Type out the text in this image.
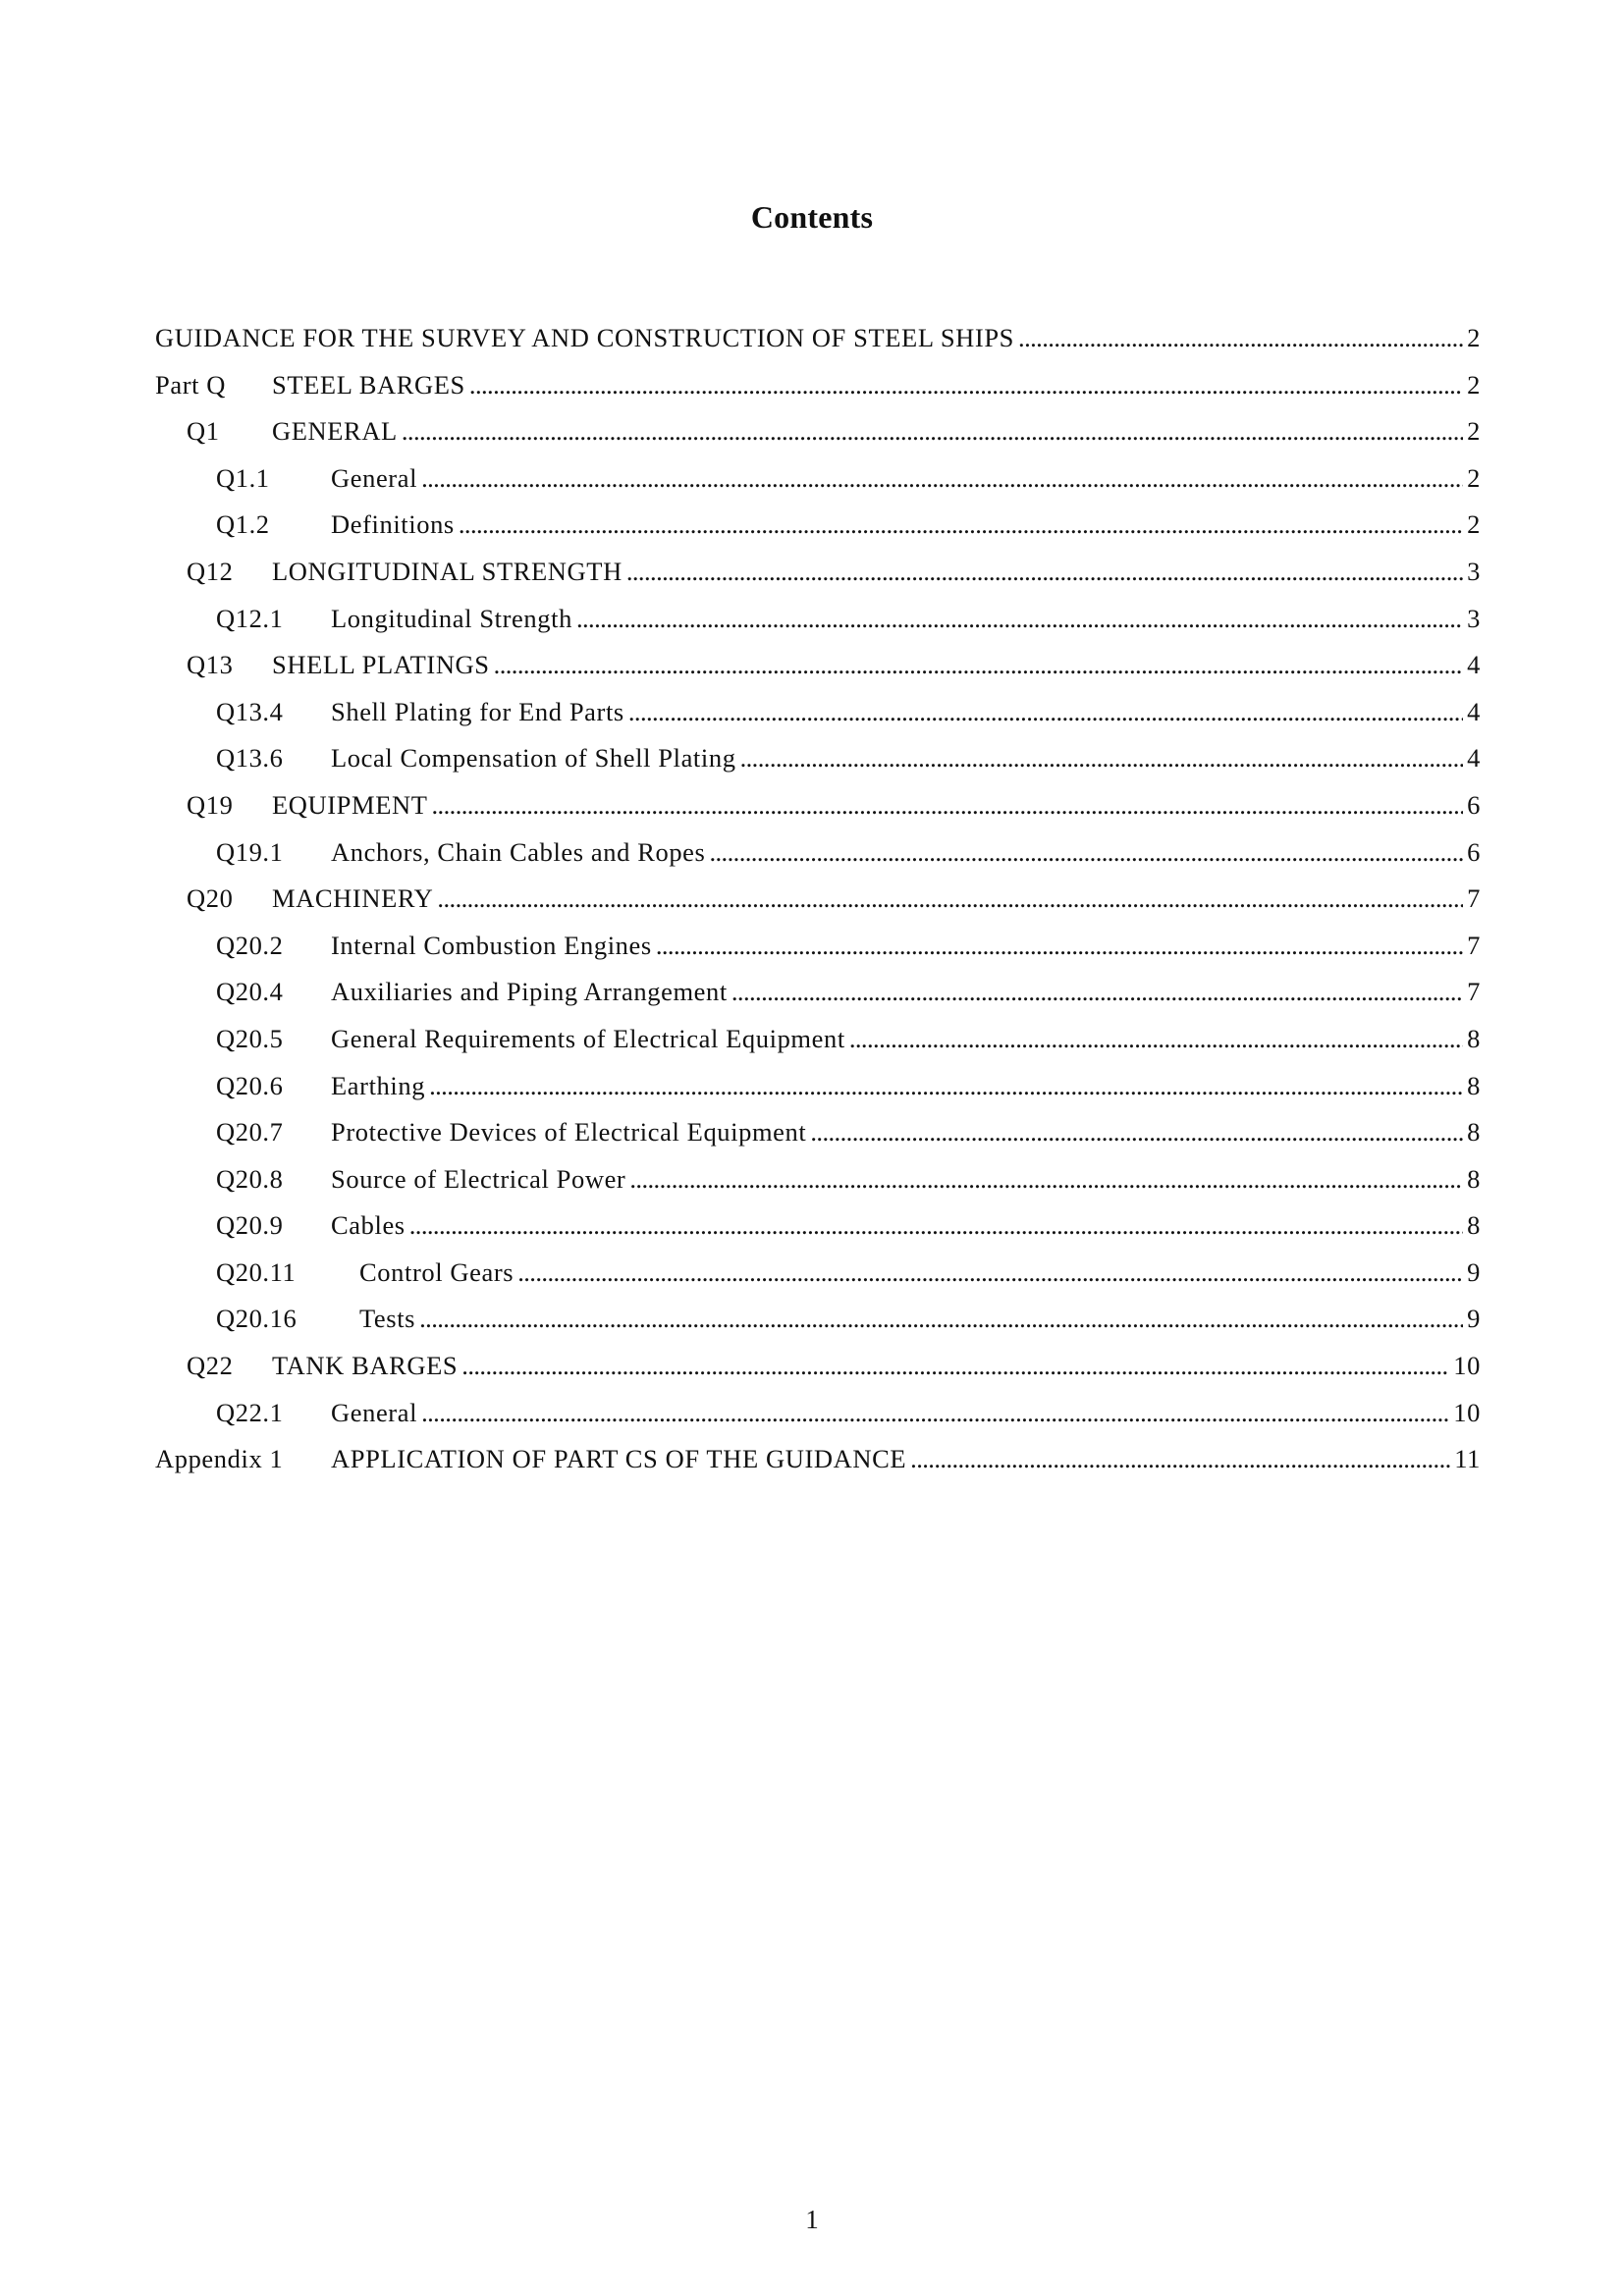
Contents
GUIDANCE FOR THE SURVEY AND CONSTRUCTION OF STEEL SHIPS . . .	2
Part Q	STEEL BARGES . . .	2
Q1	GENERAL . . .	2
Q1.1	General . . .	2
Q1.2	Definitions . . .	2
Q12	LONGITUDINAL STRENGTH . . .	3
Q12.1	Longitudinal Strength . . .	3
Q13	SHELL PLATINGS . . .	4
Q13.4	Shell Plating for End Parts . . .	4
Q13.6	Local Compensation of Shell Plating . . .	4
Q19	EQUIPMENT . . .	6
Q19.1	Anchors, Chain Cables and Ropes . . .	6
Q20	MACHINERY . . .	7
Q20.2	Internal Combustion Engines . . .	7
Q20.4	Auxiliaries and Piping Arrangement . . .	7
Q20.5	General Requirements of Electrical Equipment . . .	8
Q20.6	Earthing . . .	8
Q20.7	Protective Devices of Electrical Equipment . . .	8
Q20.8	Source of Electrical Power . . .	8
Q20.9	Cables . . .	8
Q20.11	Control Gears . . .	9
Q20.16	Tests . . .	9
Q22	TANK BARGES . . .	10
Q22.1	General . . .	10
Appendix 1	APPLICATION OF PART CS OF THE GUIDANCE . . .	11
1
